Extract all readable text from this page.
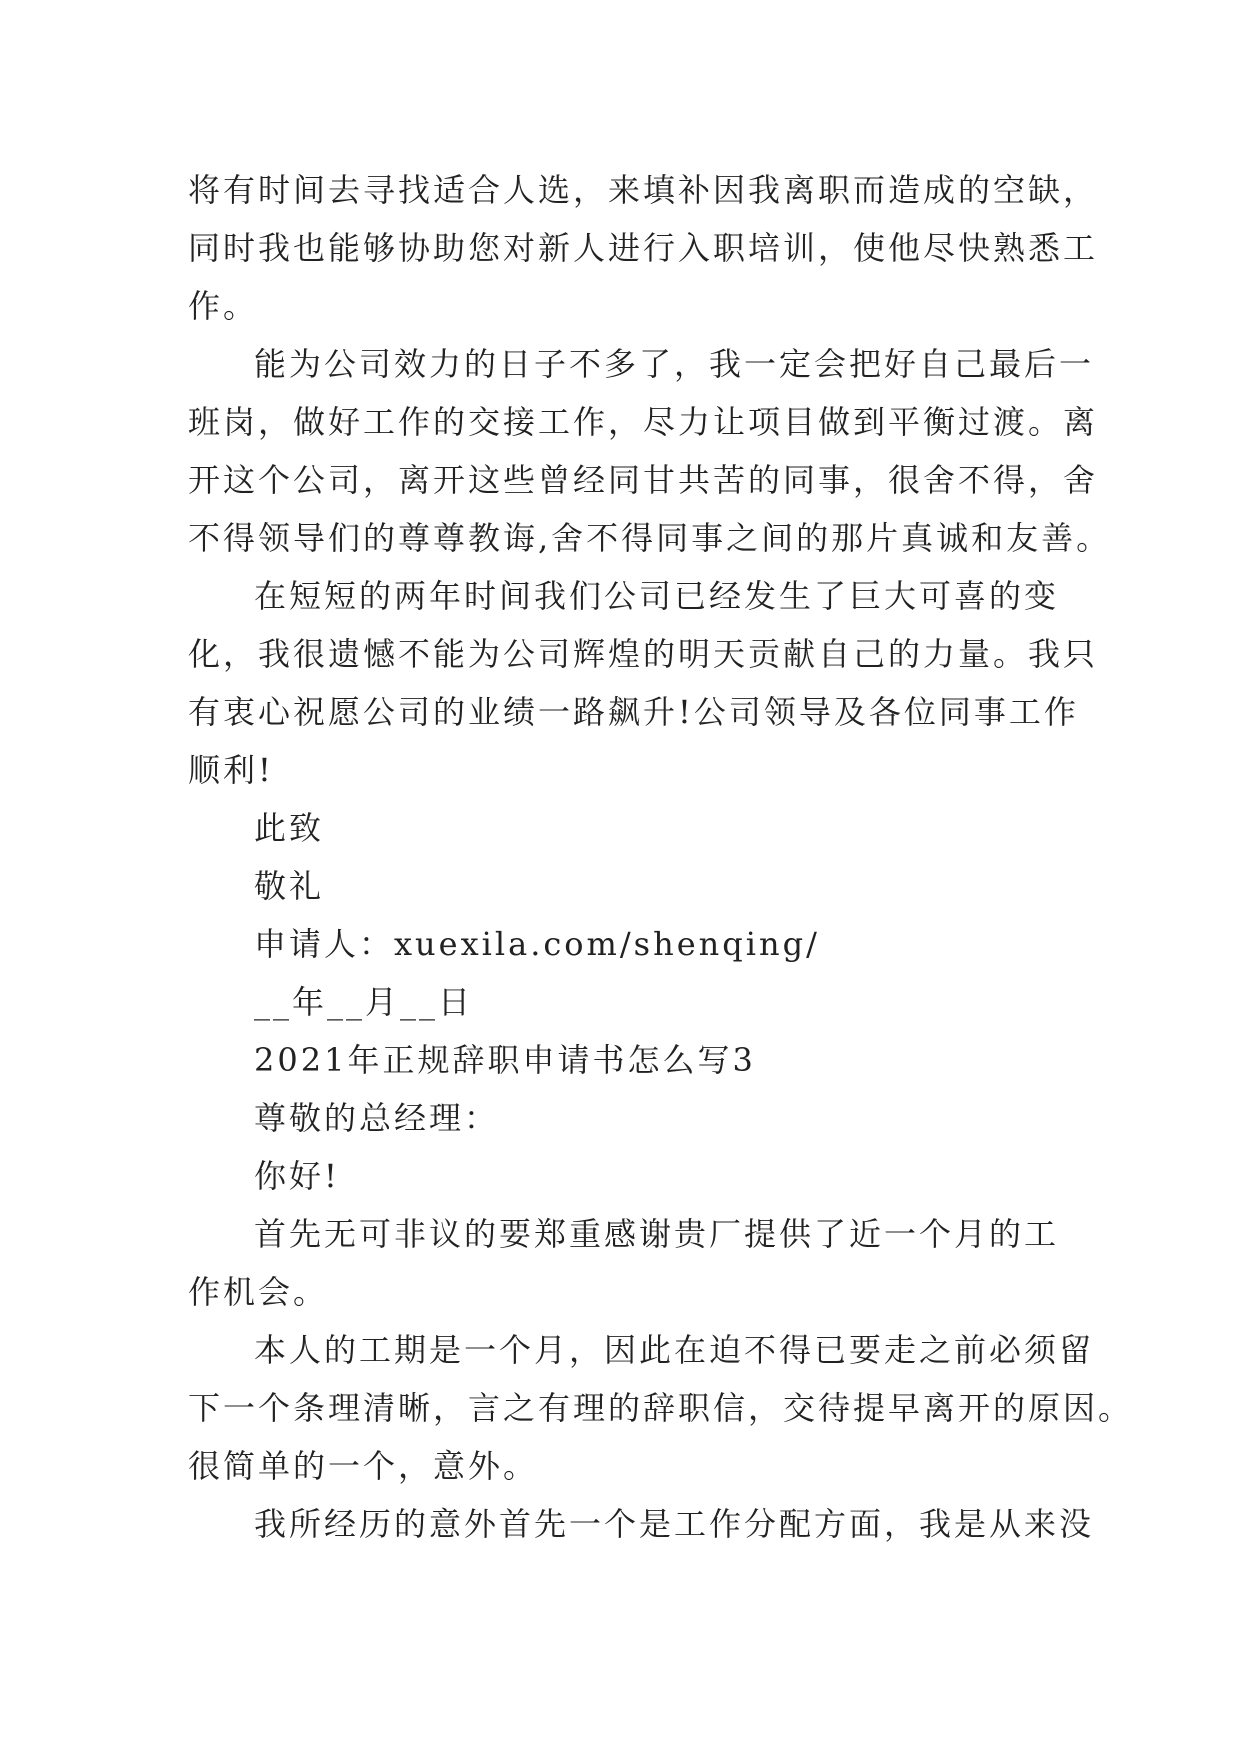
将有时间去寻找适合人选，来填补因我离职而造成的空缺，
同时我也能够协助您对新人进行入职培训，使他尽快熟悉工
作。
能为公司效力的日子不多了，我一定会把好自己最后一
班岗，做好工作的交接工作，尽力让项目做到平衡过渡。离
开这个公司，离开这些曾经同甘共苦的同事，很舍不得，舍
不得领导们的尊尊教诲,舍不得同事之间的那片真诚和友善。
在短短的两年时间我们公司已经发生了巨大可喜的变
化，我很遗憾不能为公司辉煌的明天贡献自己的力量。我只
有衷心祝愿公司的业绩一路飙升!公司领导及各位同事工作
顺利!
此致
敬礼
申请人：xuexila.com/shenqing/
__年__月__日
2021年正规辞职申请书怎么写3
尊敬的总经理：
你好!
首先无可非议的要郑重感谢贵厂提供了近一个月的工
作机会。
本人的工期是一个月，因此在迫不得已要走之前必须留
下一个条理清晰，言之有理的辞职信，交待提早离开的原因。
很简单的一个，意外。
我所经历的意外首先一个是工作分配方面，我是从来没
